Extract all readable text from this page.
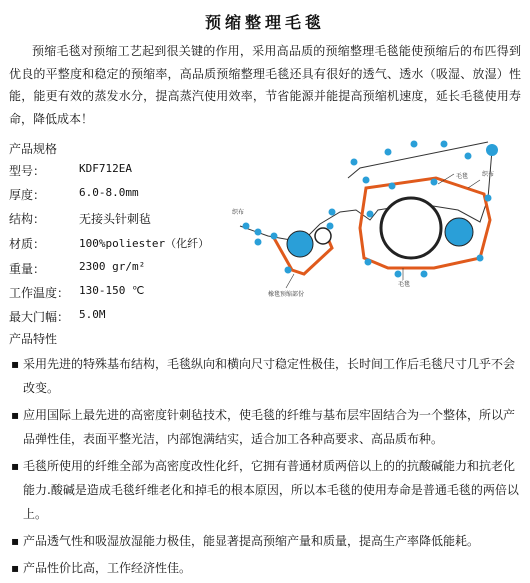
预缩整理毛毯
预缩毛毯对预缩工艺起到很关键的作用，采用高品质的预缩整理毛毯能使预缩后的布匹得到优良的平整度和稳定的预缩率，高品质预缩整理毛毯还具有很好的透气、透水（吸湿、放湿）性能，能更有效的蒸发水分，提高蒸汽使用效率，节省能源并能提高预缩机速度，延长毛毯使用寿命，降低成本！
产品规格
型号：	KDF712EA
厚度：	6.0-8.0mm
结构：	无接头针刺毡
材质：	100%poliester（化纤）
重量：	2300 gr/m²
工作温度： 130-150 ℃
最大门幅： 5.0M
产品特性
▪ 采用先进的特殊基布结构，毛毯纵向和横向尺寸稳定性极佳，长时间工作后毛毯尺寸几乎不会改变。
▪ 应用国际上最先进的高密度针刺毡技术，使毛毯的纤维与基布层牢固结合为一个整体，所以产品弹性佳，表面平整光洁，内部饱满结实，适合加工各种高要求、高品质布种。
▪ 毛毯所使用的纤维全部为高密度改性化纤，它拥有普通材质两倍以上的的抗酸碱能力和抗老化能力.酸碱是造成毛毯纤维老化和掉毛的根本原因，所以本毛毯的使用寿命是普通毛毯的两倍以上。
▪ 产品透气性和吸湿放湿能力极佳，能显著提高预缩产量和质量，提高生产率降低能耗。
▪ 产品性价比高，工作经济性佳。
织布
织布
毛毯
毛毯
橡毯预缩部份
